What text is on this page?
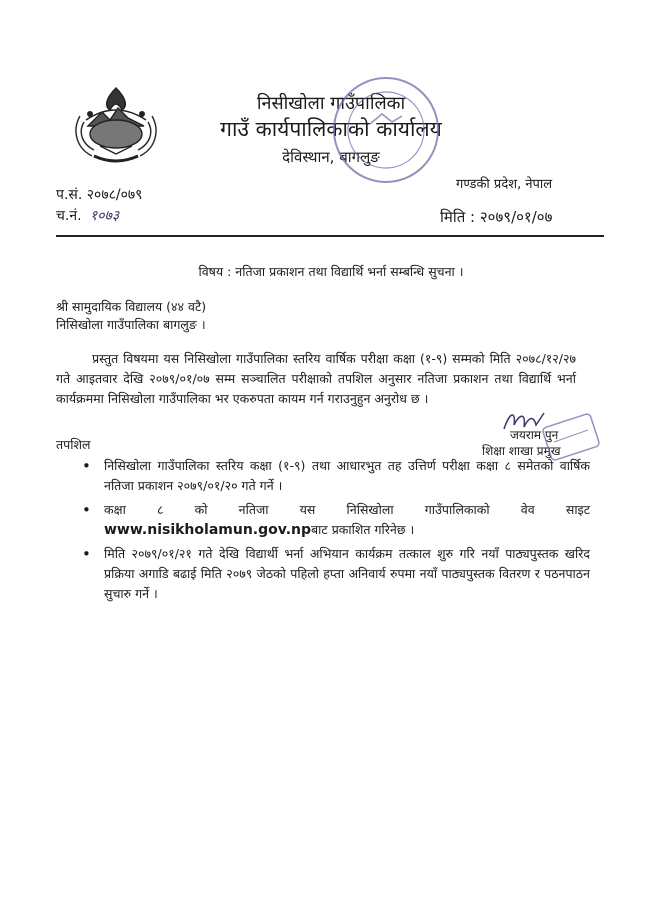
निसीखोला गाउँपालिका
गाउँ कार्यपालिकाको कार्यालय
देविस्थान, बागलुङ
गण्डकी प्रदेश, नेपाल
प.सं. २०७८/०७९
च.नं. १०७३	मिति : २०७९/०१/०७
विषय : नतिजा प्रकाशन तथा विद्यार्थि भर्ना सम्बन्धि सुचना ।
श्री सामुदायिक विद्यालय (४४ वटै)
निसिखोला गाउँपालिका बागलुङ ।
प्रस्तुत विषयमा यस निसिखोला गाउँपालिका स्तरिय वार्षिक परीक्षा कक्षा (१-९) सम्मको मिति २०७८/१२/२७ गते आइतवार देखि २०७९/०१/०७ सम्म सञ्चालित परीक्षाको तपशिल अनुसार नतिजा प्रकाशन तथा विद्यार्थि भर्ना कार्यक्रममा निसिखोला गाउँपालिका भर एकरुपता कायम गर्न गराउनुहुन अनुरोध छ ।
जयराम पुन
शिक्षा शाखा प्रमुख
तपशिल
• निसिखोला गाउँपालिका स्तरिय कक्षा (१-९) तथा आधारभुत तह उत्तिर्ण परीक्षा कक्षा ८ समेतको वार्षिक नतिजा प्रकाशन २०७९/०१/२० गते गर्ने ।
• कक्षा ८ को नतिजा यस निसिखोला गाउँपालिकाको वेव साइट www.nisikholamun.gov.npबाट प्रकाशित गरिनेछ ।
• मिति २०७९/०१/२१ गते देखि विद्यार्थी भर्ना अभियान कार्यक्रम तत्काल शुरु गरि नयाँ पाठ्यपुस्तक खरिद प्रक्रिया अगाडि बढाई मिति २०७९ जेठको पहिलो हप्ता अनिवार्य रुपमा नयाँ पाठ्यपुस्तक वितरण र पठनपाठन सुचारु गर्ने ।
